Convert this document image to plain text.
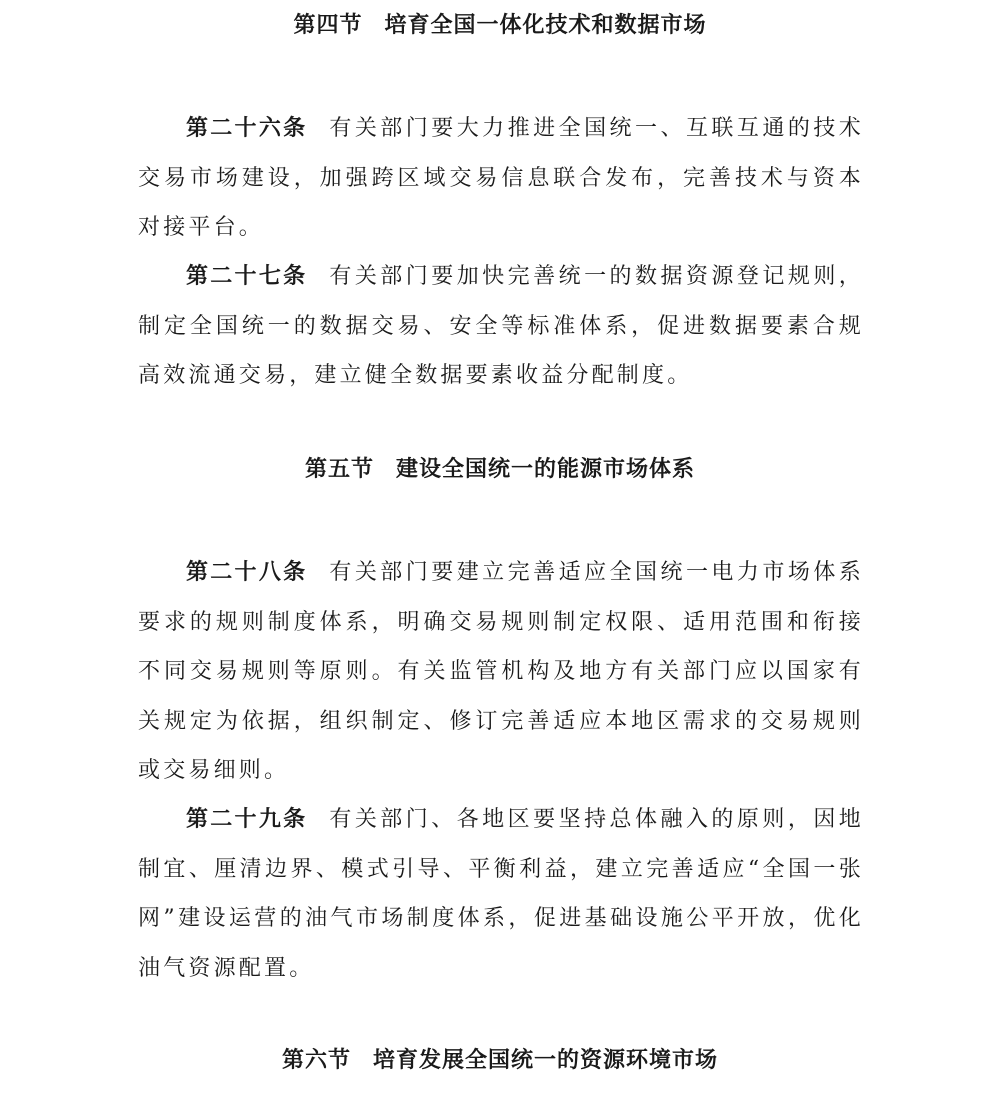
第四节 培育全国一体化技术和数据市场

第二十六条 有关部门要大力推进全国统一、互联互通的技术交易市场建设，加强跨区域交易信息联合发布，完善技术与资本对接平台。

第二十七条 有关部门要加快完善统一的数据资源登记规则，制定全国统一的数据交易、安全等标准体系，促进数据要素合规高效流通交易，建立健全数据要素收益分配制度。

第五节 建设全国统一的能源市场体系

第二十八条 有关部门要建立完善适应全国统一电力市场体系要求的规则制度体系，明确交易规则制定权限、适用范围和衔接不同交易规则等原则。有关监管机构及地方有关部门应以国家有关规定为依据，组织制定、修订完善适应本地区需求的交易规则或交易细则。

第二十九条 有关部门、各地区要坚持总体融入的原则，因地制宜、厘清边界、模式引导、平衡利益，建立完善适应“全国一张网”建设运营的油气市场制度体系，促进基础设施公平开放，优化油气资源配置。

第六节 培育发展全国统一的资源环境市场
